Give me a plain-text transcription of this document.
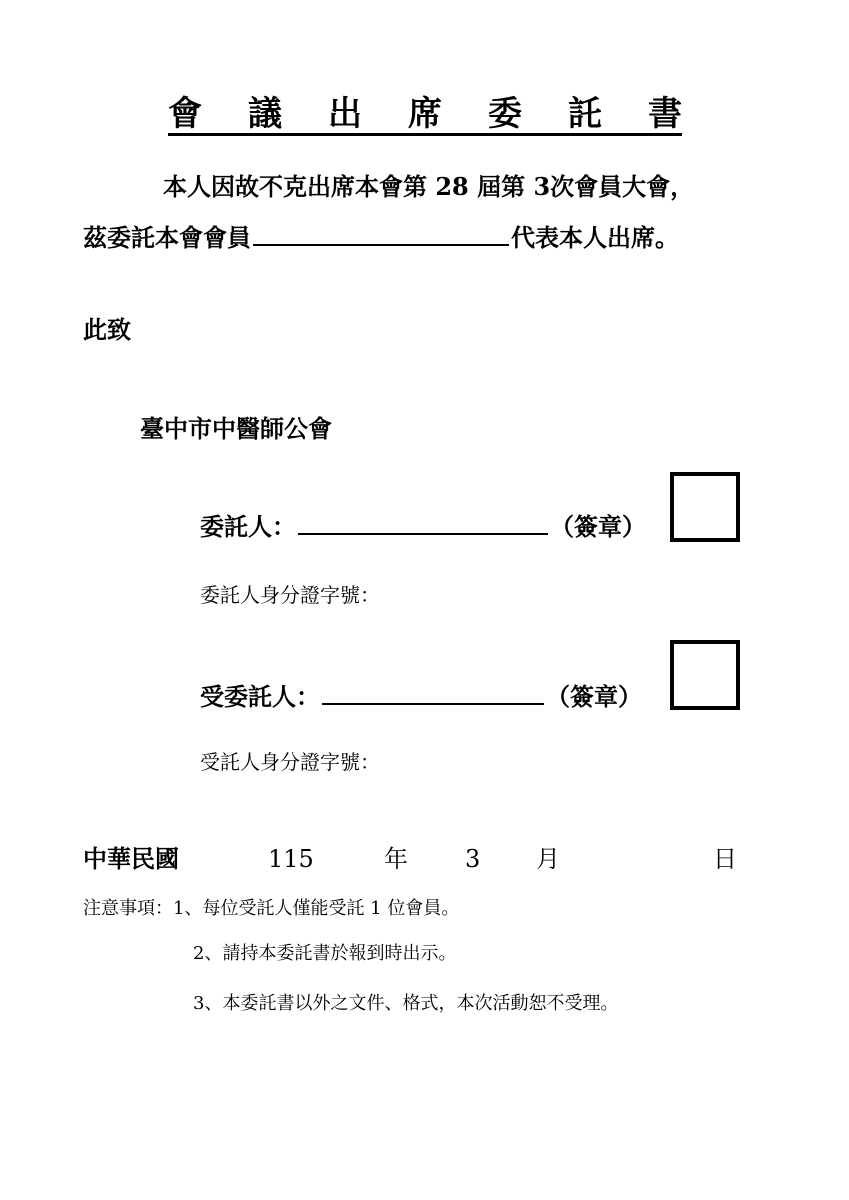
會 議 出 席 委 託 書
本人因故不克出席本會第 28 屆第 3次會員大會，
茲委託本會會員	代表本人出席。
此致
臺中市中醫師公會
委託人：	（簽章）
委託人身分證字號：
受委託人：	（簽章）
受託人身分證字號：
中華民國	115	年 3 月	日
注意事項：1、每位受託人僅能受託 1 位會員。
2、請持本委託書於報到時出示。
3、本委託書以外之文件、格式，本次活動恕不受理。
